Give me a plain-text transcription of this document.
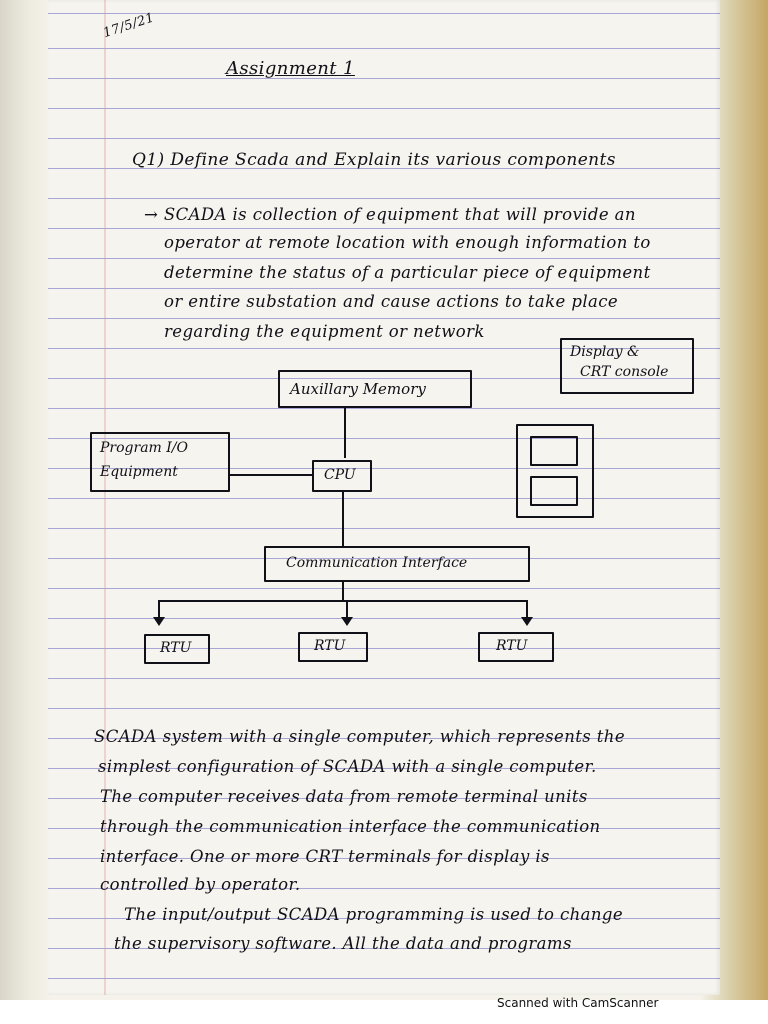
17/5/21
Assignment 1
Q1) Define Scada and Explain its various components
→ SCADA is collection of equipment that will provide an
operator at remote location with enough information to
determine the status of a particular piece of equipment
or entire substation and cause actions to take place
regarding the equipment or network
Display &
CRT console
Auxillary Memory
Program I/O
Equipment	CPU
Communication Interface
RTU	RTU	RTU
SCADA system with a single computer, which represents the
simplest configuration of SCADA with a single computer.
The computer receives data from remote terminal units
through the communication interface the communication
interface. One or more CRT terminals for display is
controlled by operator.
The input/output SCADA programming is used to change
the supervisory software. All the data and programs
Scanned with CamScanner
